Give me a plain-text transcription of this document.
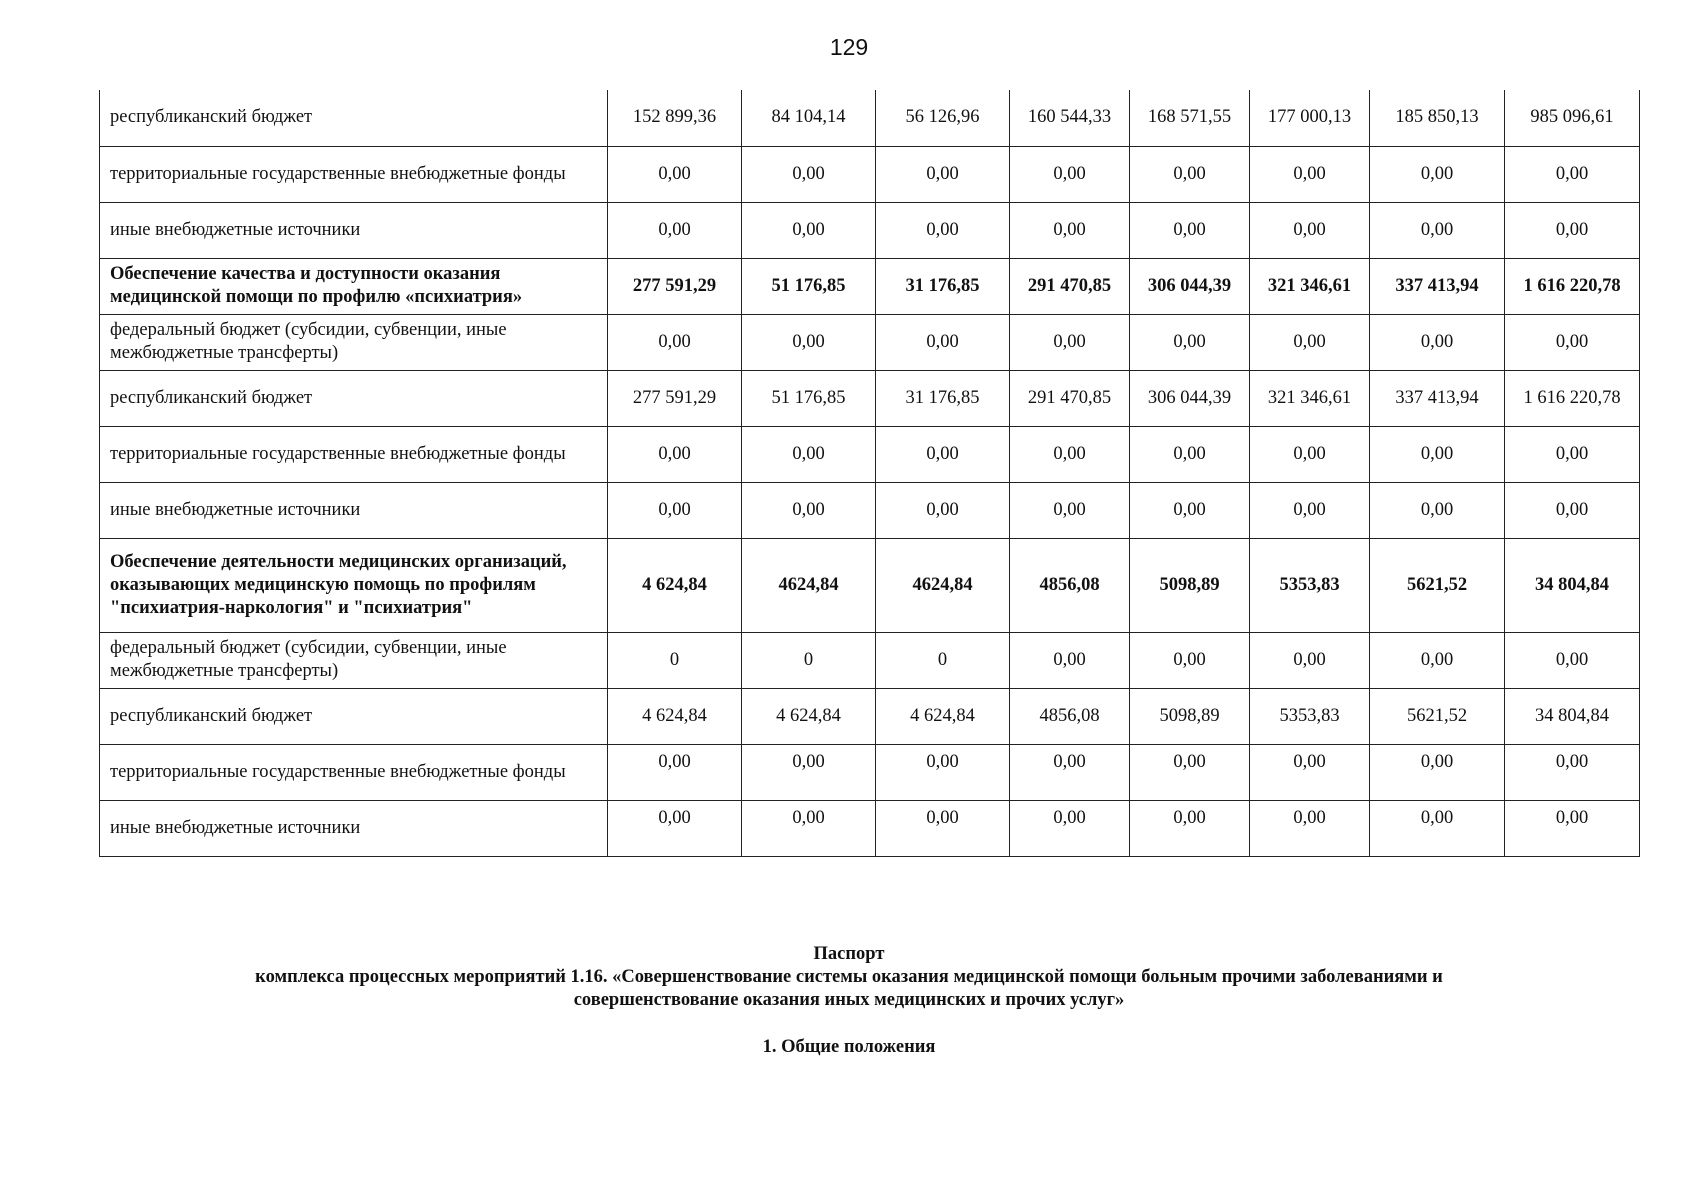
129
республиканский бюджет	152 899,36	84 104,14	56 126,96	160 544,33	168 571,55	177 000,13	185 850,13	985 096,61
территориальные государственные внебюджетные фонды	0,00	0,00	0,00	0,00	0,00	0,00	0,00	0,00
иные внебюджетные источники	0,00	0,00	0,00	0,00	0,00	0,00	0,00	0,00
Обеспечение качества и доступности оказания медицинской помощи по профилю «психиатрия»	277 591,29	51 176,85	31 176,85	291 470,85	306 044,39	321 346,61	337 413,94	1 616 220,78
федеральный бюджет (субсидии, субвенции, иные межбюджетные трансферты)	0,00	0,00	0,00	0,00	0,00	0,00	0,00	0,00
республиканский бюджет	277 591,29	51 176,85	31 176,85	291 470,85	306 044,39	321 346,61	337 413,94	1 616 220,78
территориальные государственные внебюджетные фонды	0,00	0,00	0,00	0,00	0,00	0,00	0,00	0,00
иные внебюджетные источники	0,00	0,00	0,00	0,00	0,00	0,00	0,00	0,00
Обеспечение деятельности медицинских организаций, оказывающих медицинскую помощь по профилям "психиатрия-наркология" и "психиатрия"	4 624,84	4624,84	4624,84	4856,08	5098,89	5353,83	5621,52	34 804,84
федеральный бюджет (субсидии, субвенции, иные межбюджетные трансферты)	0	0	0	0,00	0,00	0,00	0,00	0,00
республиканский бюджет	4 624,84	4 624,84	4 624,84	4856,08	5098,89	5353,83	5621,52	34 804,84
территориальные государственные внебюджетные фонды	0,00	0,00	0,00	0,00	0,00	0,00	0,00	0,00
иные внебюджетные источники	0,00	0,00	0,00	0,00	0,00	0,00	0,00	0,00
Паспорт
комплекса процессных мероприятий 1.16. «Совершенствование системы оказания медицинской помощи больным прочими заболеваниями и совершенствование оказания иных медицинских и прочих услуг»
1. Общие положения
